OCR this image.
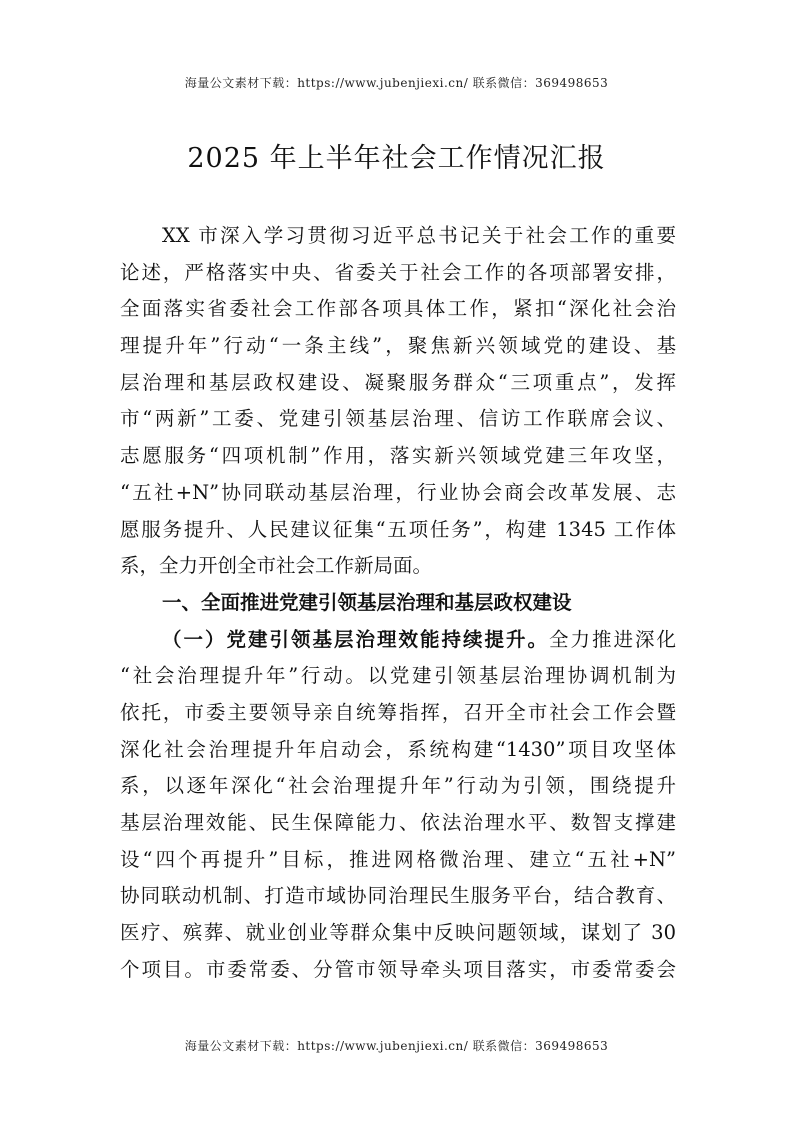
海量公文素材下载：https://www.jubenjiexi.cn/ 联系微信：369498653
2025 年上半年社会工作情况汇报
XX 市深入学习贯彻习近平总书记关于社会工作的重要
论述，严格落实中央、省委关于社会工作的各项部署安排，
全面落实省委社会工作部各项具体工作，紧扣“深化社会治
理提升年”行动“一条主线”，聚焦新兴领域党的建设、基
层治理和基层政权建设、凝聚服务群众“三项重点”，发挥
市“两新”工委、党建引领基层治理、信访工作联席会议、
志愿服务“四项机制”作用，落实新兴领域党建三年攻坚，
“五社+N”协同联动基层治理，行业协会商会改革发展、志
愿服务提升、人民建议征集“五项任务”，构建 1345 工作体
系，全力开创全市社会工作新局面。
一、全面推进党建引领基层治理和基层政权建设
（一）党建引领基层治理效能持续提升。全力推进深化
“社会治理提升年”行动。以党建引领基层治理协调机制为
依托，市委主要领导亲自统筹指挥，召开全市社会工作会暨
深化社会治理提升年启动会，系统构建“1430”项目攻坚体
系，以逐年深化“社会治理提升年”行动为引领，围绕提升
基层治理效能、民生保障能力、依法治理水平、数智支撑建
设“四个再提升”目标，推进网格微治理、建立“五社+N”
协同联动机制、打造市域协同治理民生服务平台，结合教育、
医疗、殡葬、就业创业等群众集中反映问题领域，谋划了 30
个项目。市委常委、分管市领导牵头项目落实，市委常委会
海量公文素材下载：https://www.jubenjiexi.cn/ 联系微信：369498653
